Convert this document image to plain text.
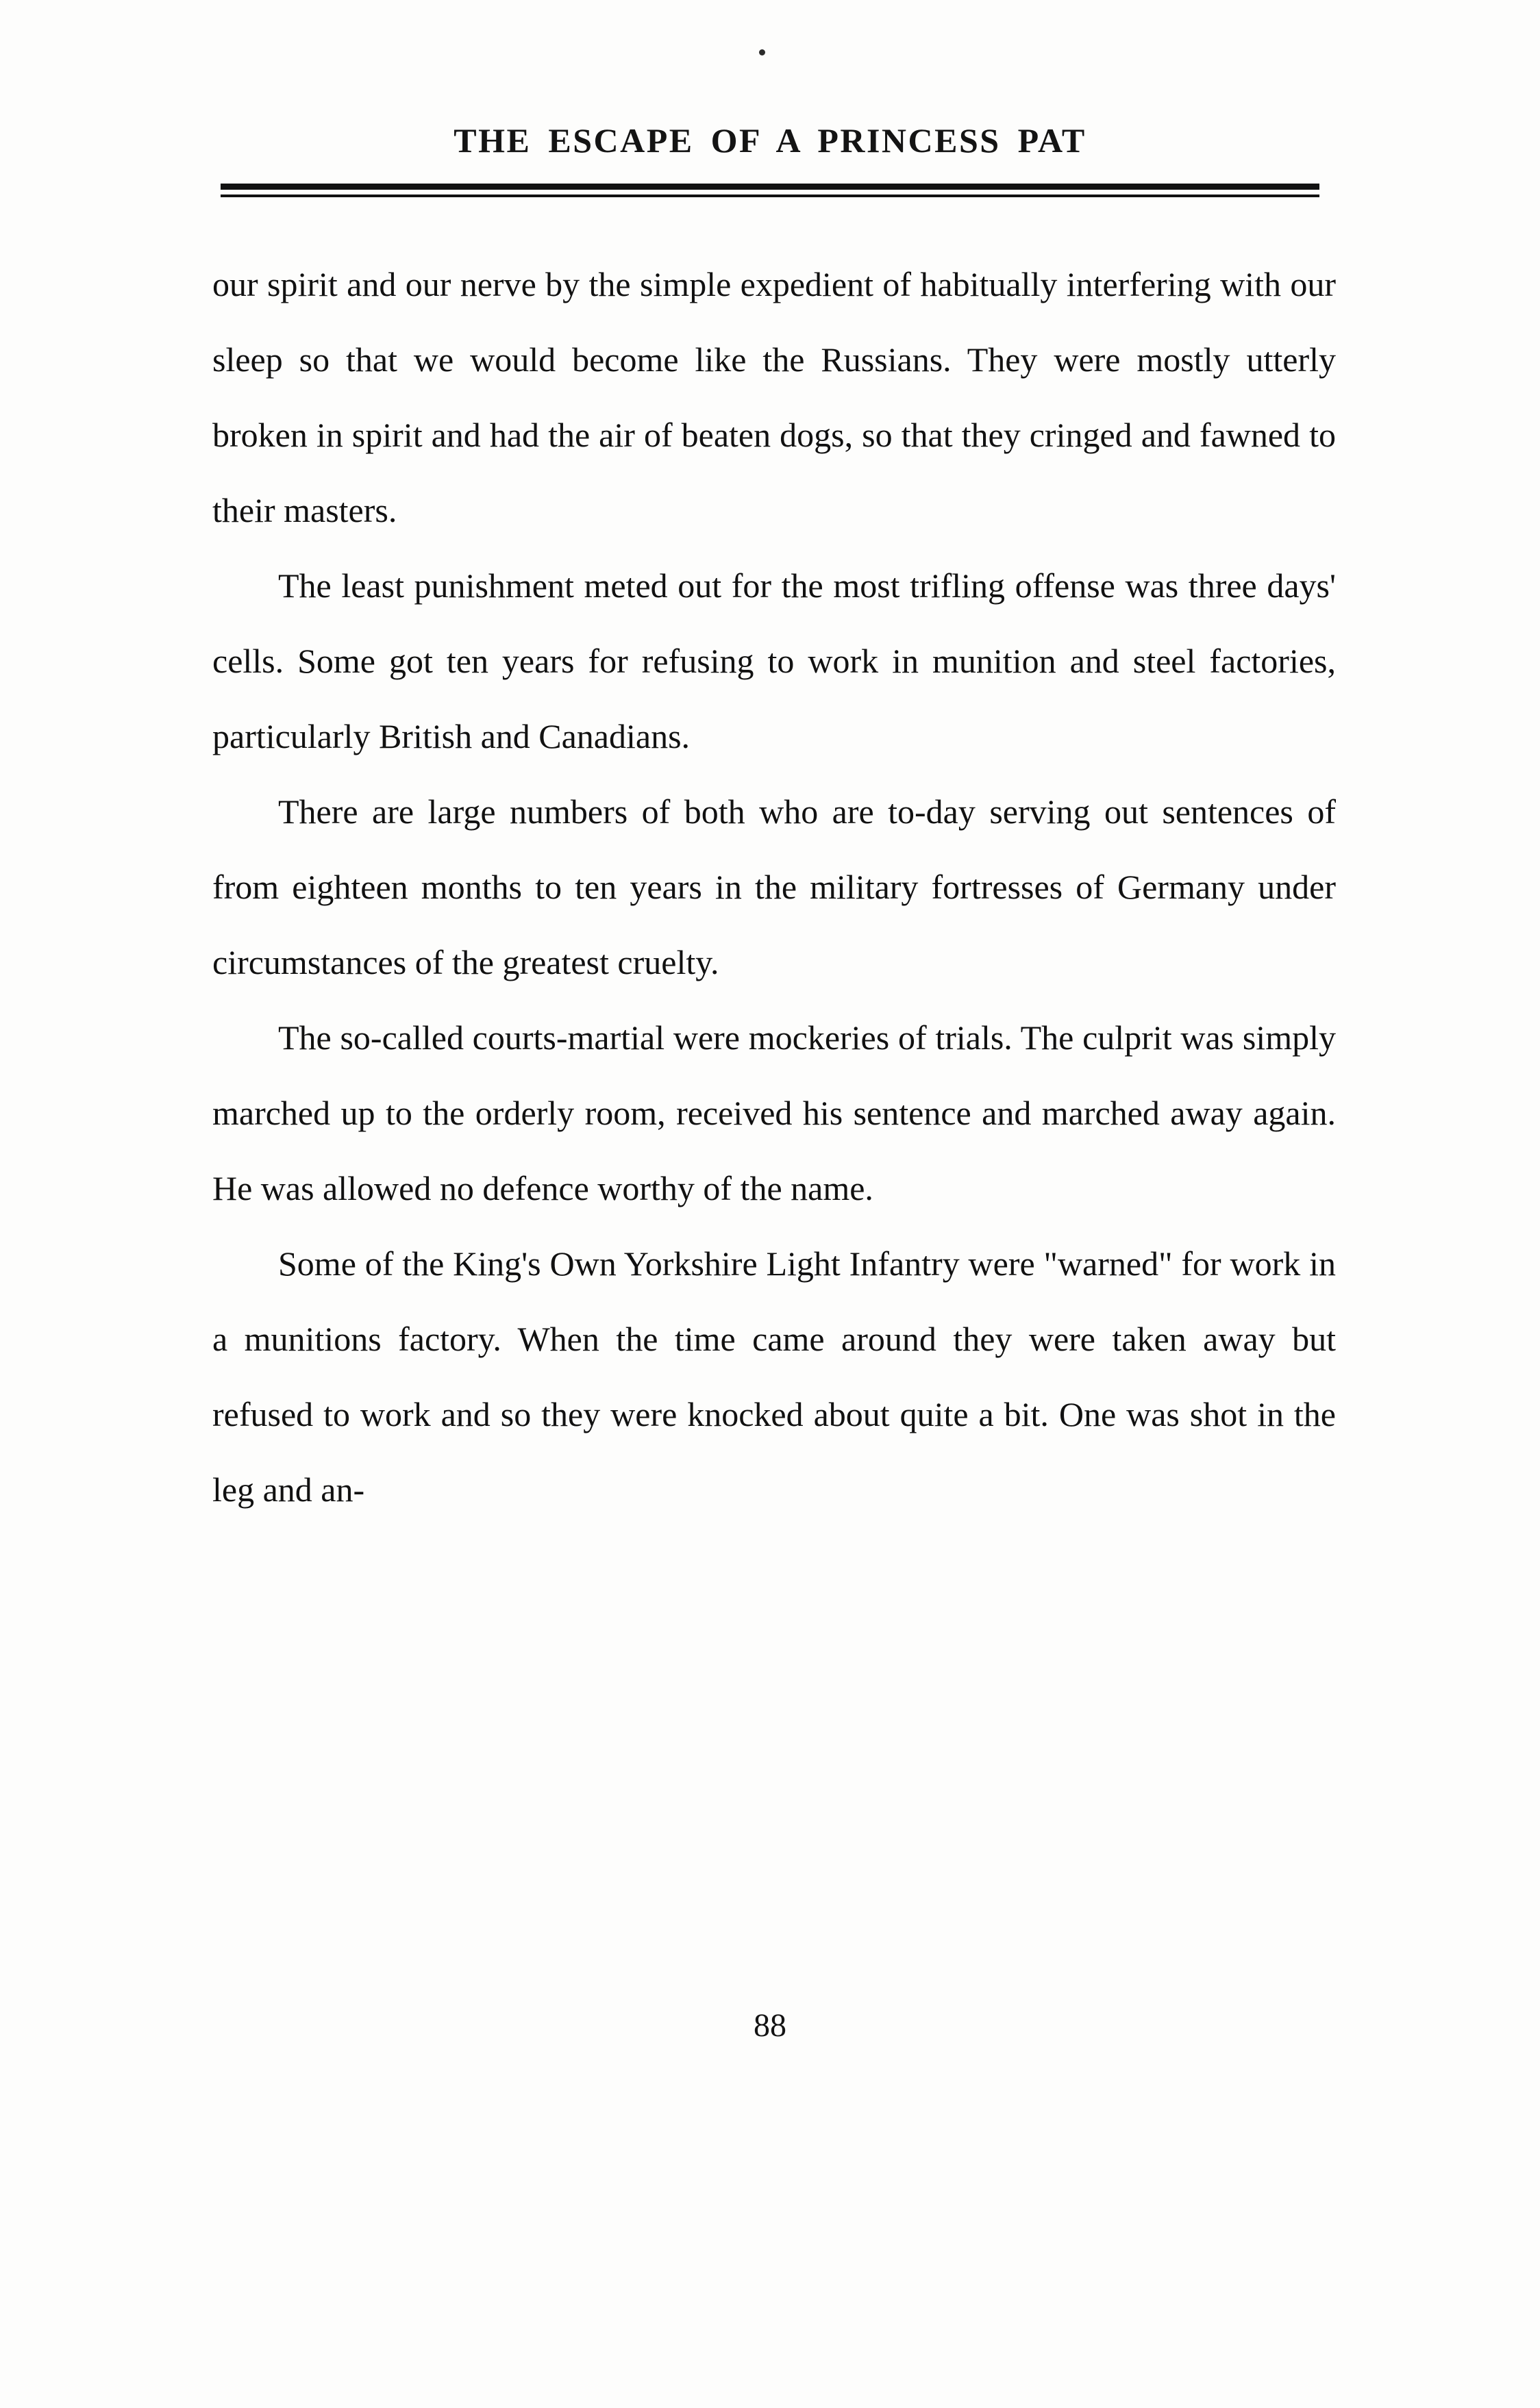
THE ESCAPE OF A PRINCESS PAT

our spirit and our nerve by the simple expedient of habitually interfering with our sleep so that we would become like the Russians. They were mostly utterly broken in spirit and had the air of beaten dogs, so that they cringed and fawned to their masters.

The least punishment meted out for the most trifling offense was three days' cells. Some got ten years for refusing to work in munition and steel factories, particularly British and Canadians.

There are large numbers of both who are to-day serving out sentences of from eighteen months to ten years in the military fortresses of Germany under circumstances of the greatest cruelty.

The so-called courts-martial were mockeries of trials. The culprit was simply marched up to the orderly room, received his sentence and marched away again. He was allowed no defence worthy of the name.

Some of the King's Own Yorkshire Light Infantry were "warned" for work in a munitions factory. When the time came around they were taken away but refused to work and so they were knocked about quite a bit. One was shot in the leg and an-

88
